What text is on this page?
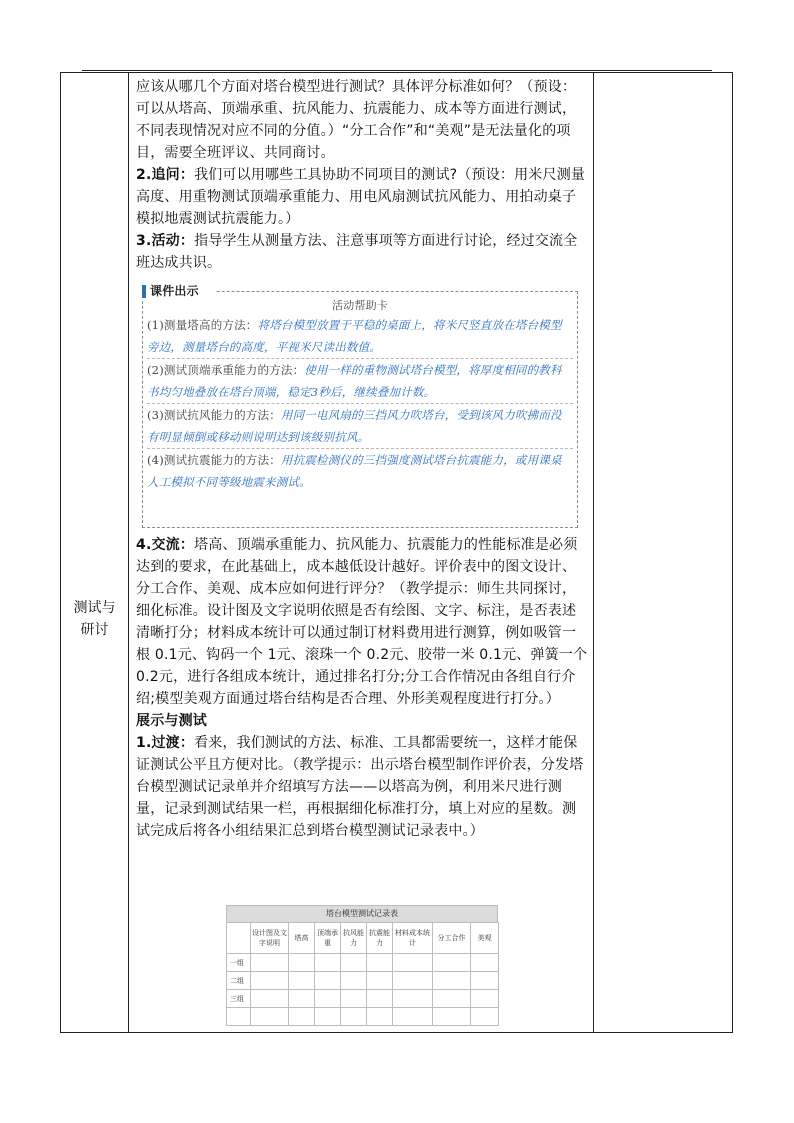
测试与
研讨

应该从哪几个方面对塔台模型进行测试？具体评分标准如何？（预设：可以从塔高、顶端承重、抗风能力、抗震能力、成本等方面进行测试，不同表现情况对应不同的分值。）“分工合作”和“美观”是无法量化的项目，需要全班评议、共同商讨。

2.追问：我们可以用哪些工具协助不同项目的测试?（预设：用米尺测量高度、用重物测试顶端承重能力、用电风扇测试抗风能力、用拍动桌子模拟地震测试抗震能力。）

3.活动：指导学生从测量方法、注意事项等方面进行讨论，经过交流全班达成共识。

活动帮助卡
(1)测量塔高的方法：将塔台模型放置于平稳的桌面上，将米尺竖直放在塔台模型旁边，测量塔台的高度，平视米尺读出数值。
(2)测试顶端承重能力的方法：使用一样的重物测试塔台模型，将厚度相同的教科书均匀地叠放在塔台顶端，稳定3秒后，继续叠加计数。
(3)测试抗风能力的方法：用同一电风扇的三挡风力吹塔台，受到该风力吹拂而没有明显倾倒或移动则说明达到该级别抗风。
(4)测试抗震能力的方法：用抗震检测仪的三挡强度测试塔台抗震能力，或用课桌人工模拟不同等级地震来测试。
课件出示

4.交流：塔高、顶端承重能力、抗风能力、抗震能力的性能标准是必须达到的要求，在此基础上，成本越低设计越好。评价表中的图文设计、分工合作、美观、成本应如何进行评分？（教学提示：师生共同探讨，细化标准。设计图及文字说明依照是否有绘图、文字、标注，是否表述清晰打分；材料成本统计可以通过制订材料费用进行测算，例如吸管一根 0.1元、钩码一个 1元、滚珠一个 0.2元、胶带一米 0.1元、弹簧一个 0.2元，进行各组成本统计，通过排名打分;分工合作情况由各组自行介绍;模型美观方面通过塔台结构是否合理、外形美观程度进行打分。）

展示与测试

1.过渡：看来，我们测试的方法、标准、工具都需要统一，这样才能保证测试公平且方便对比。（教学提示：出示塔台模型制作评价表，分发塔台模型测试记录单并介绍填写方法——以塔高为例，利用米尺进行测量，记录到测试结果一栏，再根据细化标准打分，填上对应的星数。测试完成后将各小组结果汇总到塔台模型测试记录表中。）

塔台模型测试记录表
	设计图及文字说明	塔高	顶端承重	抗风能力	抗震能力	材料成本统计	分工合作	美观
一组								
二组								
三组								
